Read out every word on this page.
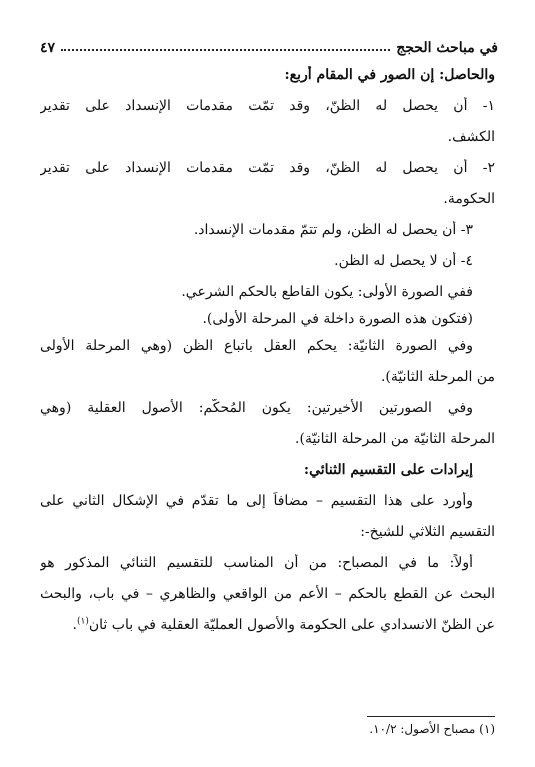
في مباحث الحجج
٤٧
والحاصل: إن الصور في المقام أربع:
١- أن يحصل له الظنّ، وقد تمّت مقدمات الإنسداد على تقدير
الكشف.
٢- أن يحصل له الظنّ، وقد تمّت مقدمات الإنسداد على تقدير
الحكومة.
٣- أن يحصل له الظن، ولم تتمّ مقدمات الإنسداد.
٤- أن لا يحصل له الظن.
ففي الصورة الأولى: يكون القاطع بالحكم الشرعي.
(فتكون هذه الصورة داخلة في المرحلة الأولى).
وفي الصورة الثانيّة: يحكم العقل باتباع الظن (وهي المرحلة الأولى
من المرحلة الثانيّة).
وفي الصورتين الأخيرتين: يكون المُحكَّم: الأصول العقلية (وهي
المرحلة الثانيّة من المرحلة الثانيّة).
إيرادات على التقسيم الثنائي:
وأورد على هذا التقسيم – مضافاً إلى ما تقدّم في الإشكال الثاني على
التقسيم الثلاثي للشيخ-:
أولاً: ما في المصباح: من أن المناسب للتقسيم الثنائي المذكور هو
البحث عن القطع بالحكم – الأعم من الواقعي والظاهري – في باب، والبحث
عن الظنّ الانسدادي على الحكومة والأصول العمليّة العقلية في باب ثان$^{(١)}$.
(١) مصباح الأصول: ١٠/٢.
